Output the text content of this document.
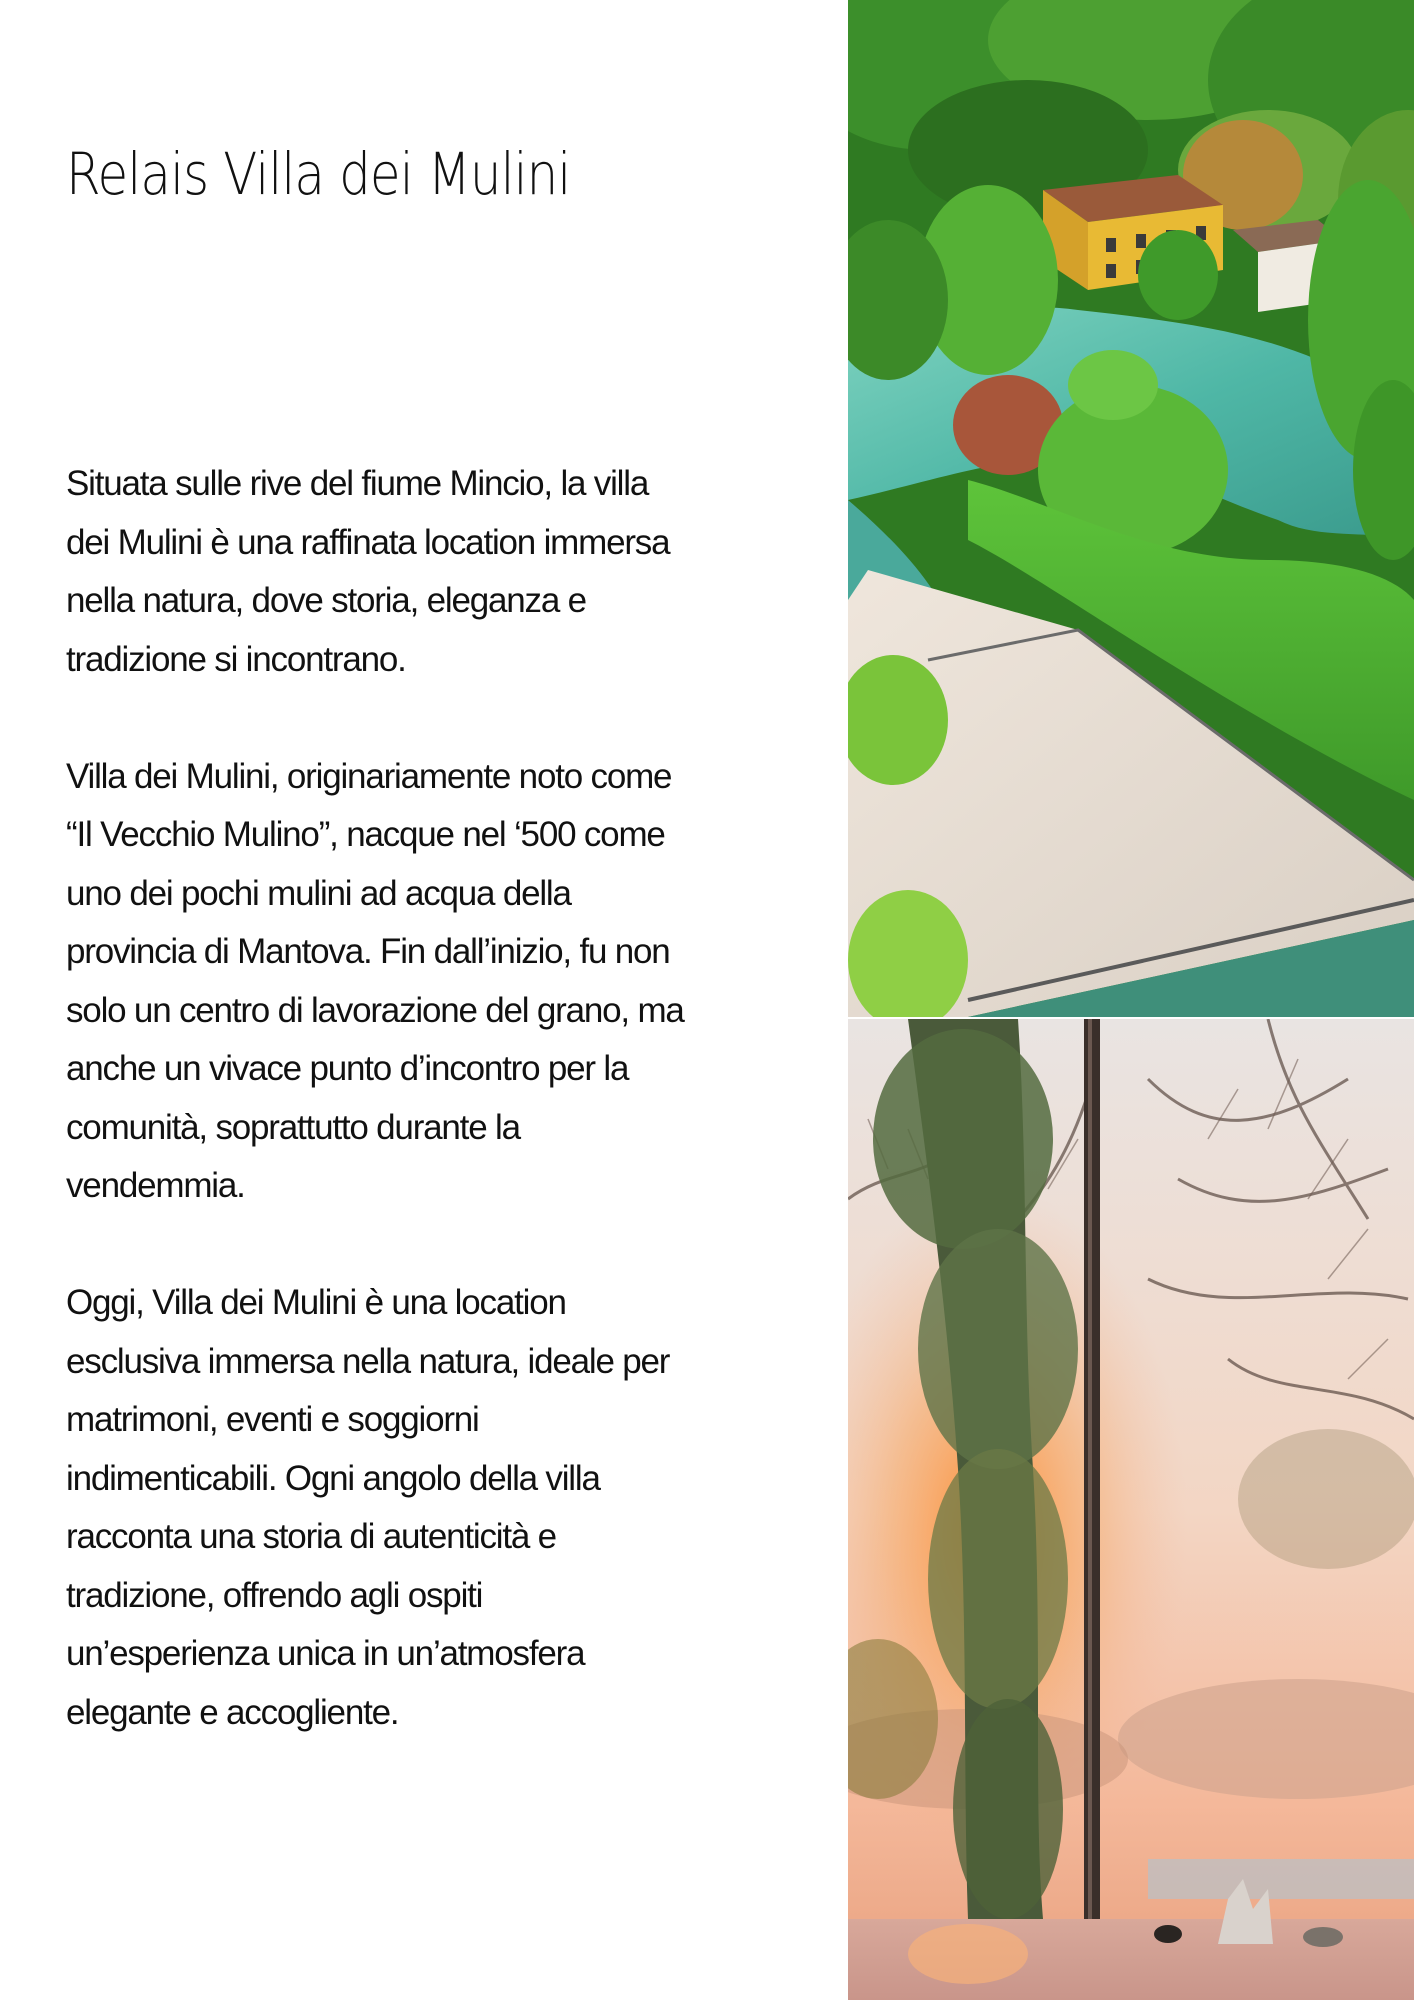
Relais Villa dei Mulini

Situata sulle rive del fiume Mincio, la villa
dei Mulini è una raffinata location immersa
nella natura, dove storia, eleganza e
tradizione si incontrano.

Villa dei Mulini, originariamente noto come
“Il Vecchio Mulino”, nacque nel ‘500 come
uno dei pochi mulini ad acqua della
provincia di Mantova. Fin dall’inizio, fu non
solo un centro di lavorazione del grano, ma
anche un vivace punto d’incontro per la
comunità, soprattutto durante la
vendemmia.

Oggi, Villa dei Mulini è una location
esclusiva immersa nella natura, ideale per
matrimoni, eventi e soggiorni
indimenticabili. Ogni angolo della villa
racconta una storia di autenticità e
tradizione, offrendo agli ospiti
un’esperienza unica in un’atmosfera
elegante e accogliente.
